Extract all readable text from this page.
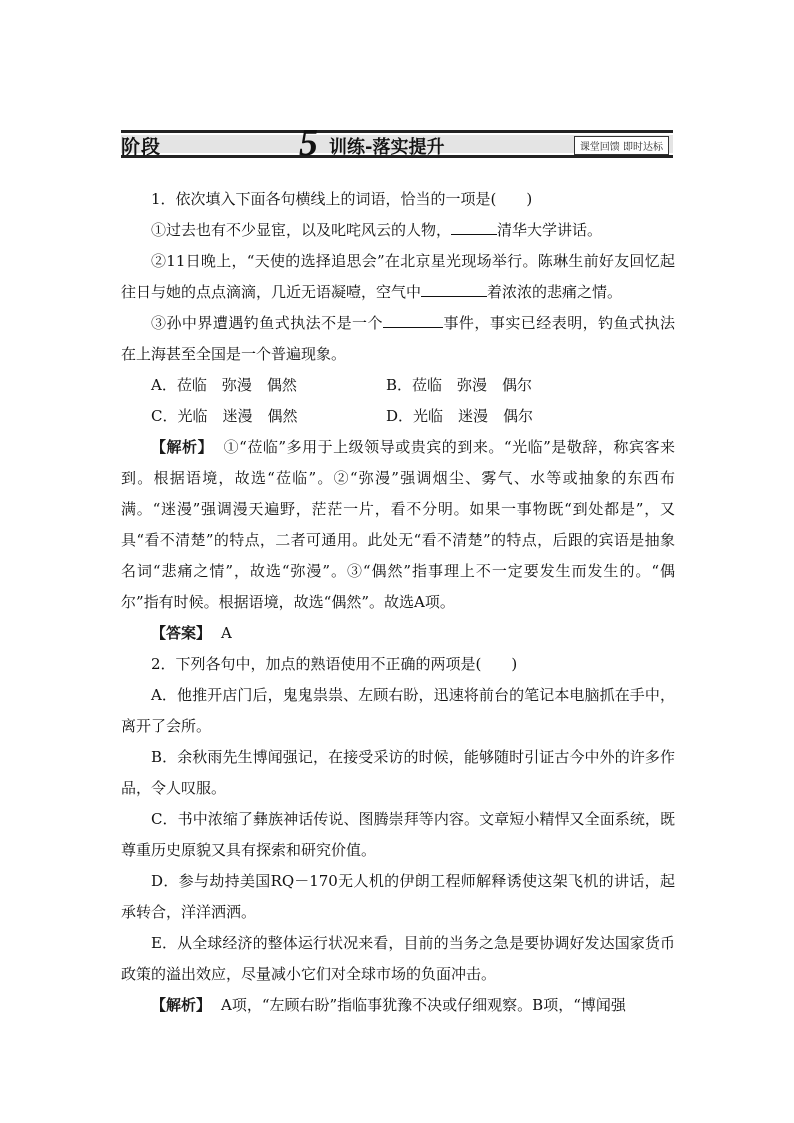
阶段	5 训练-落实提升	课堂回馈 即时达标

1．依次填入下面各句横线上的词语，恰当的一项是(　　)

①过去也有不少显宦，以及叱咤风云的人物，	清华大学讲话。

②11日晚上，“天使的选择追思会”在北京星光现场举行。陈琳生前好友回忆起往日与她的点点滴滴，几近无语凝噎，空气中	着浓浓的悲痛之情。

③孙中界遭遇钓鱼式执法不是一个	事件，事实已经表明，钓鱼式执法在上海甚至全国是一个普遍现象。

A．莅临　弥漫　偶然	B．莅临　弥漫　偶尔
C．光临　迷漫　偶然	D．光临　迷漫　偶尔

【解析】 ①“莅临”多用于上级领导或贵宾的到来。“光临”是敬辞，称宾客来到。根据语境，故选“莅临”。②“弥漫”强调烟尘、雾气、水等或抽象的东西布满。“迷漫”强调漫天遍野，茫茫一片，看不分明。如果一事物既“到处都是”，又具“看不清楚”的特点，二者可通用。此处无“看不清楚”的特点，后跟的宾语是抽象名词“悲痛之情”，故选“弥漫”。③“偶然”指事理上不一定要发生而发生的。“偶尔”指有时候。根据语境，故选“偶然”。故选A项。

【答案】 A

2．下列各句中，加点的熟语使用不正确的两项是(　　)

A．他推开店门后，鬼鬼祟祟、左顾右盼，迅速将前台的笔记本电脑抓在手中，离开了会所。

B．余秋雨先生博闻强记，在接受采访的时候，能够随时引证古今中外的许多作品，令人叹服。

C．书中浓缩了彝族神话传说、图腾崇拜等内容。文章短小精悍又全面系统，既尊重历史原貌又具有探索和研究价值。

D．参与劫持美国RQ－170无人机的伊朗工程师解释诱使这架飞机的讲话，起承转合，洋洋洒洒。

E．从全球经济的整体运行状况来看，目前的当务之急是要协调好发达国家货币政策的溢出效应，尽量减小它们对全球市场的负面冲击。

【解析】 A项，“左顾右盼”指临事犹豫不决或仔细观察。B项，“博闻强
